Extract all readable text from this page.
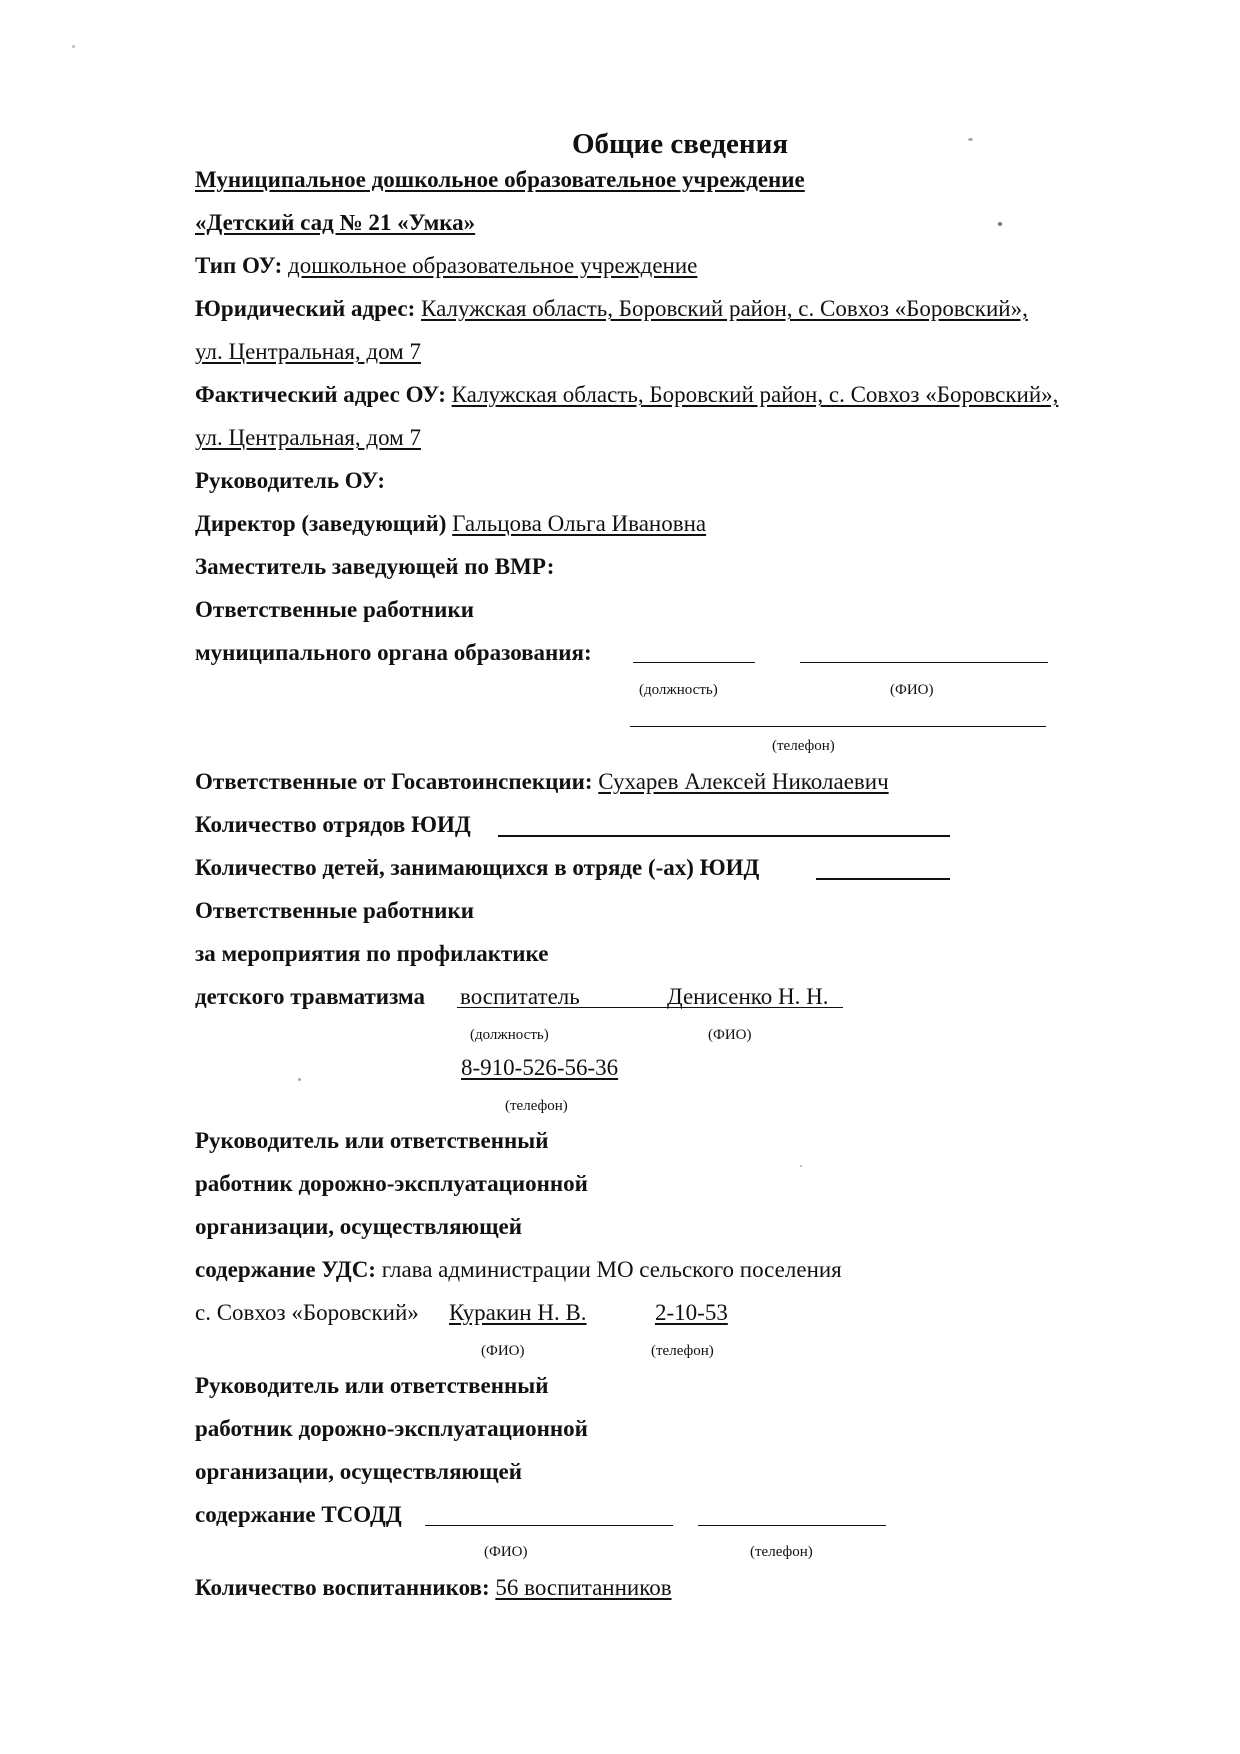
Общие сведения
Муниципальное дошкольное образовательное учреждение
«Детский сад № 21 «Умка»
Тип ОУ: дошкольное образовательное учреждение
Юридический адрес: Калужская область, Боровский район, с. Совхоз «Боровский»,
ул. Центральная, дом 7
Фактический адрес ОУ: Калужская область, Боровский район, с. Совхоз «Боровский»,
ул. Центральная, дом 7
Руководитель ОУ:
Директор (заведующий) Гальцова Ольга Ивановна
Заместитель заведующей по ВМР:
Ответственные работники
муниципального органа образования:
(должность)	(ФИО)
(телефон)
Ответственные от Госавтоинспекции: Сухарев Алексей Николаевич
Количество отрядов ЮИД
Количество детей, занимающихся в отряде (-ах) ЮИД
Ответственные работники
за мероприятия по профилактике
детского травматизма воспитатель	Денисенко Н. Н.
(должность)	(ФИО)
8-910-526-56-36
(телефон)
Руководитель или ответственный
работник дорожно-эксплуатационной
организации, осуществляющей
содержание УДС: глава администрации МО сельского поселения
с. Совхоз «Боровский» Куракин Н. В.	2-10-53
(ФИО)	(телефон)
Руководитель или ответственный
работник дорожно-эксплуатационной
организации, осуществляющей
содержание ТСОДД
(ФИО)	(телефон)
Количество воспитанников: 56 воспитанников
